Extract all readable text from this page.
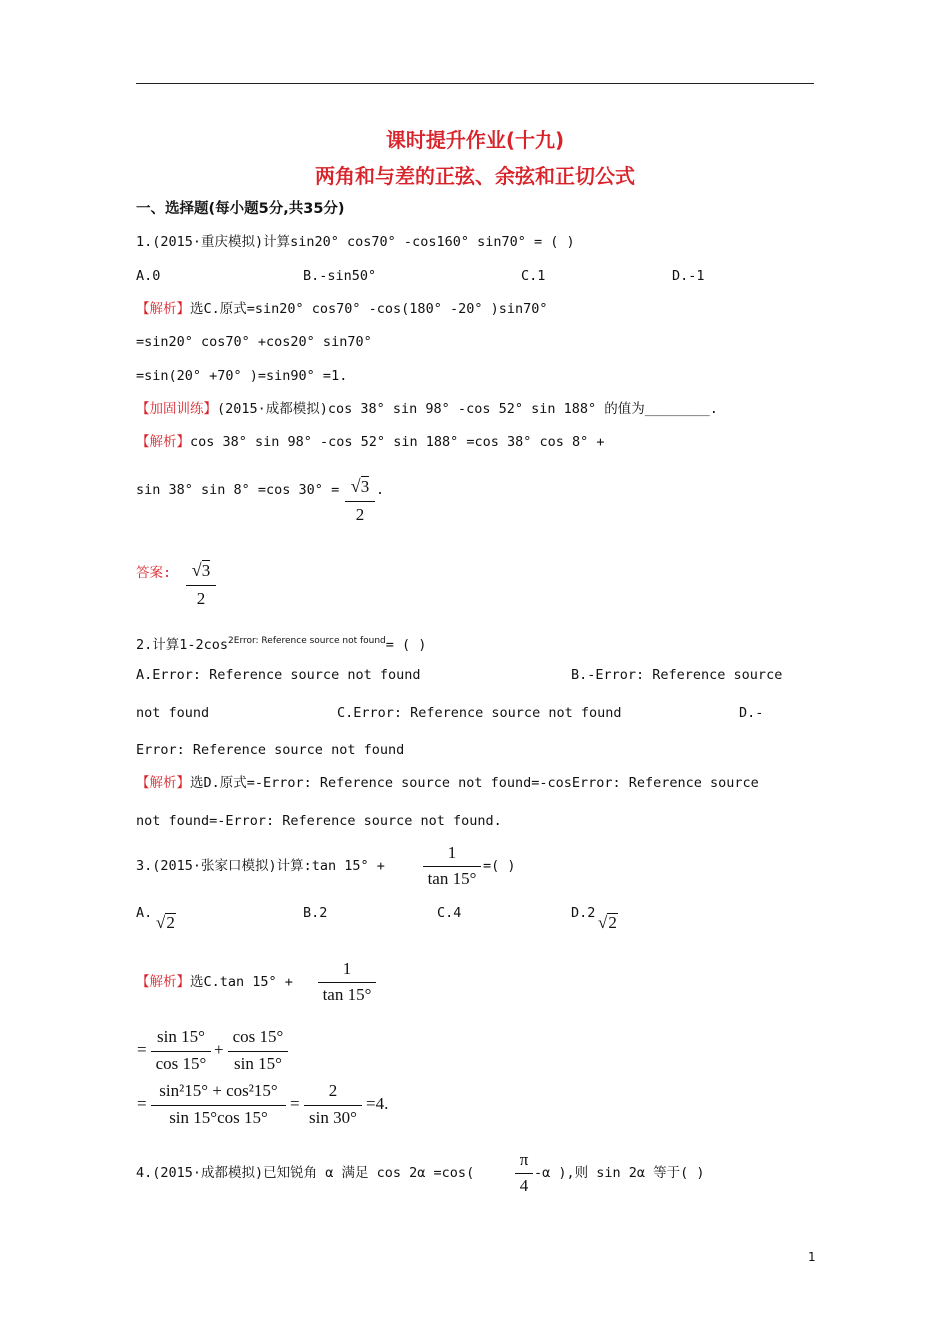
课时提升作业(十九)
两角和与差的正弦、余弦和正切公式
一、选择题(每小题5分,共35分)
1.(2015·重庆模拟)计算sin20° cos70° -cos160° sin70° = ( )
A.0	B.-sin50°	C.1	D.-1
【解析】选C.原式=sin20° cos70° -cos(180° -20° )sin70°
=sin20° cos70° +cos20° sin70°
=sin(20° +70° )=sin90° =1.
【加固训练】(2015·成都模拟)cos 38° sin 98° -cos 52° sin 188° 的值为________.
【解析】cos 38° sin 98° -cos 52° sin 188° =cos 38° cos 8° +
sin 38° sin 8° =cos 30° = √3
2
.
答案:	√3
2
2.计算$1-2\cos^{2Error: Reference source not found}=$ ( )
A.Error: Reference source not found	B.-Error: Reference source
not found	C.Error: Reference source not found	D.-
Error: Reference source not found
【解析】选D.原式=-Error: Reference source not found=-cosError: Reference source
not found=-Error: Reference source not found.
3.(2015·张家口模拟)计算:tan 15° +
1
tan 15°
=( )
A. √2	B.2	C.4	D.2 √2
【解析】选C.tan 15° +
1
tan 15°
=
sin 15°
cos 15°
+
cos 15°
sin 15°
=
sin²15° + cos²15°
sin 15°cos 15°
=
2
sin 30°
=4.
4.(2015·成都模拟)已知锐角 α 满足 cos 2α =cos(
π
4
-α ),则 sin 2α 等于( )
1
